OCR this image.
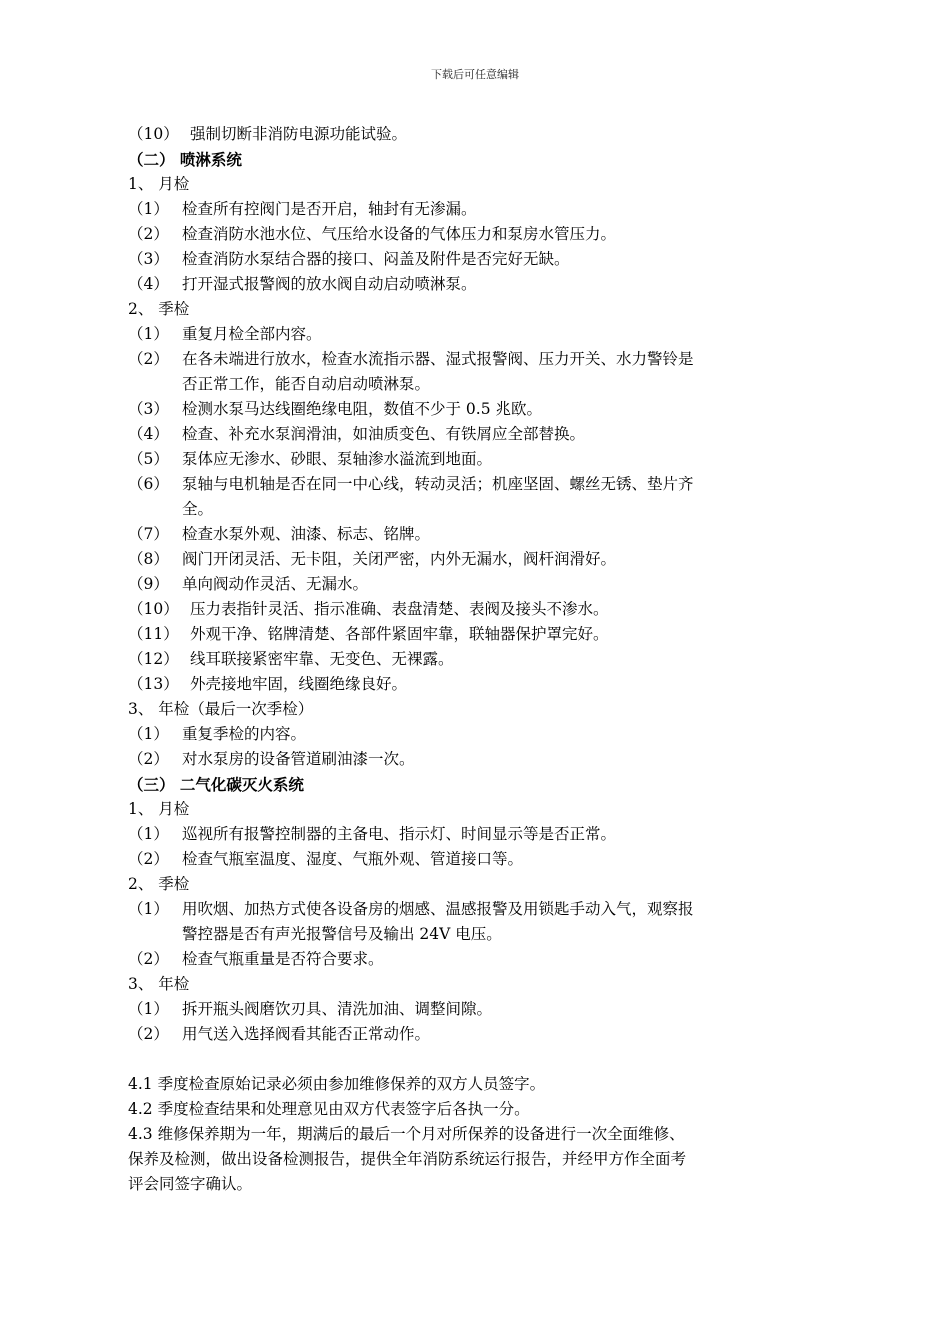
下载后可任意编辑
（10） 强制切断非消防电源功能试验。
（二） 喷淋系统
1、 月检
（1） 检查所有控阀门是否开启，轴封有无渗漏。
（2） 检查消防水池水位、气压给水设备的气体压力和泵房水管压力。
（3） 检查消防水泵结合器的接口、闷盖及附件是否完好无缺。
（4） 打开湿式报警阀的放水阀自动启动喷淋泵。
2、 季检
（1） 重复月检全部内容。
（2） 在各未端进行放水，检查水流指示器、湿式报警阀、压力开关、水力警铃是
否正常工作，能否自动启动喷淋泵。
（3） 检测水泵马达线圈绝缘电阻，数值不少于 0.5 兆欧。
（4） 检查、补充水泵润滑油，如油质变色、有铁屑应全部替换。
（5） 泵体应无渗水、砂眼、泵轴渗水溢流到地面。
（6） 泵轴与电机轴是否在同一中心线，转动灵活；机座坚固、螺丝无锈、垫片齐
全。
（7） 检查水泵外观、油漆、标志、铭牌。
（8） 阀门开闭灵活、无卡阻，关闭严密，内外无漏水，阀杆润滑好。
（9） 单向阀动作灵活、无漏水。
（10） 压力表指针灵活、指示准确、表盘清楚、表阀及接头不渗水。
（11） 外观干净、铭牌清楚、各部件紧固牢靠，联轴器保护罩完好。
（12） 线耳联接紧密牢靠、无变色、无裸露。
（13） 外壳接地牢固，线圈绝缘良好。
3、 年检（最后一次季检）
（1） 重复季检的内容。
（2） 对水泵房的设备管道刷油漆一次。
（三） 二气化碳灭火系统
1、 月检
（1） 巡视所有报警控制器的主备电、指示灯、时间显示等是否正常。
（2） 检查气瓶室温度、湿度、气瓶外观、管道接口等。
2、 季检
（1） 用吹烟、加热方式使各设备房的烟感、温感报警及用锁匙手动入气，观察报
警控器是否有声光报警信号及输出 24V 电压。
（2） 检查气瓶重量是否符合要求。
3、 年检
（1） 拆开瓶头阀磨饮刃具、清洗加油、调整间隙。
（2） 用气送入选择阀看其能否正常动作。
4.1 季度检查原始记录必须由参加维修保养的双方人员签字。
4.2 季度检查结果和处理意见由双方代表签字后各执一分。
4.3 维修保养期为一年，期满后的最后一个月对所保养的设备进行一次全面维修、
保养及检测，做出设备检测报告，提供全年消防系统运行报告，并经甲方作全面考
评会同签字确认。
